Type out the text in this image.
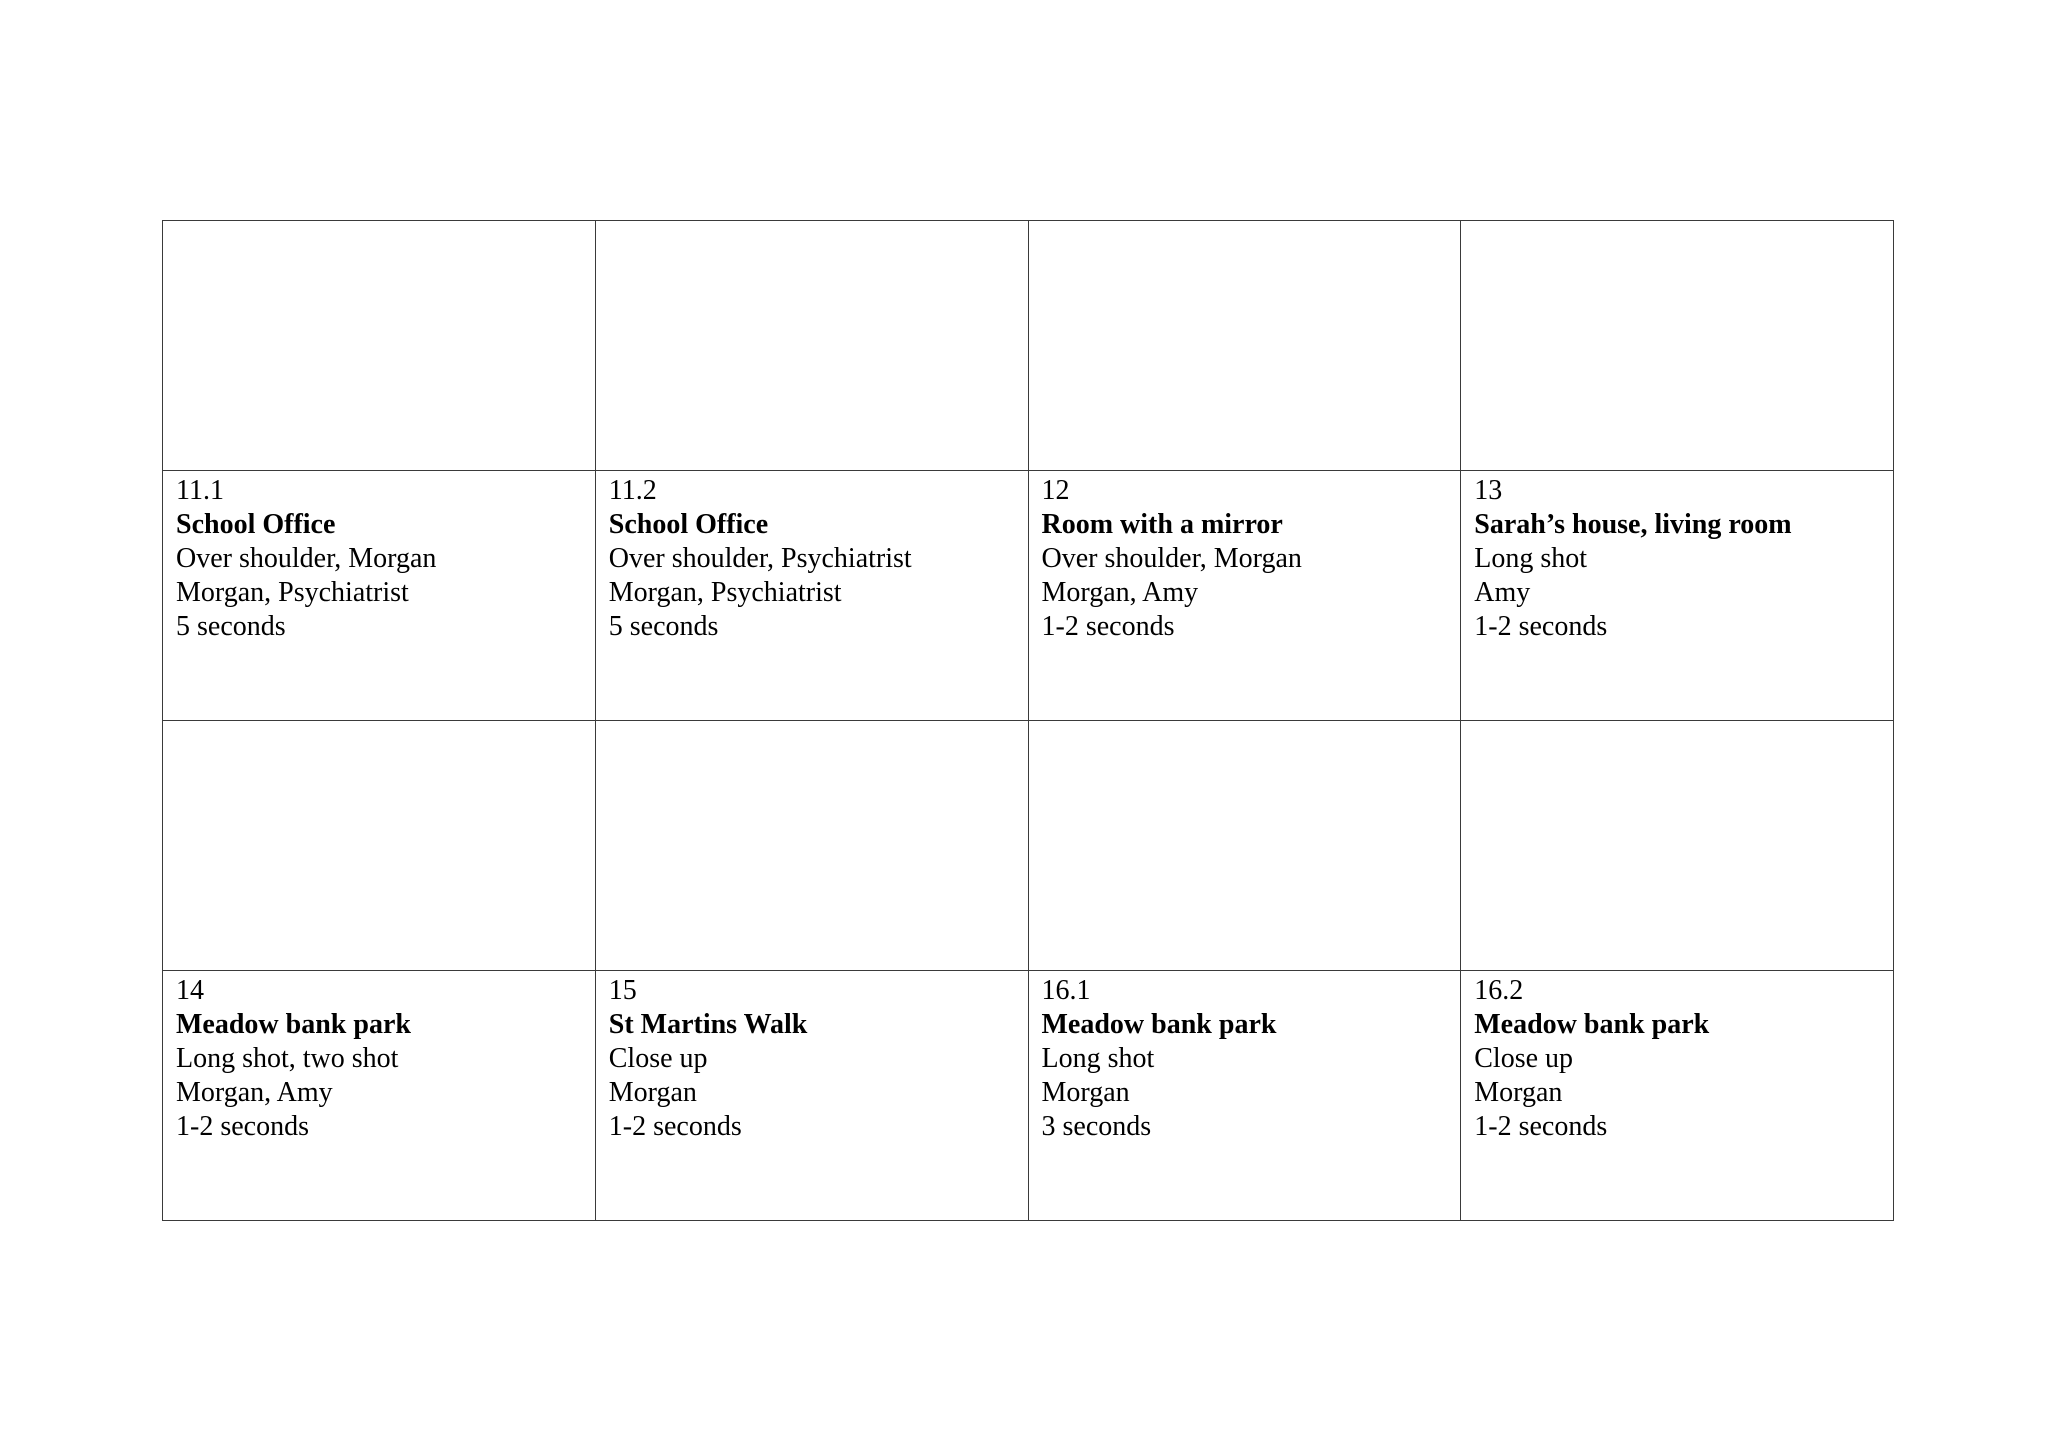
11.1
School Office
Over shoulder, Morgan
Morgan, Psychiatrist
5 seconds	11.2
School Office
Over shoulder, Psychiatrist
Morgan, Psychiatrist
5 seconds	12
Room with a mirror
Over shoulder, Morgan
Morgan, Amy
1-2 seconds	13
Sarah’s house, living room
Long shot
Amy
1-2 seconds

14
Meadow bank park
Long shot, two shot
Morgan, Amy
1-2 seconds	15
St Martins Walk
Close up
Morgan
1-2 seconds	16.1
Meadow bank park
Long shot
Morgan
3 seconds	16.2
Meadow bank park
Close up
Morgan
1-2 seconds
